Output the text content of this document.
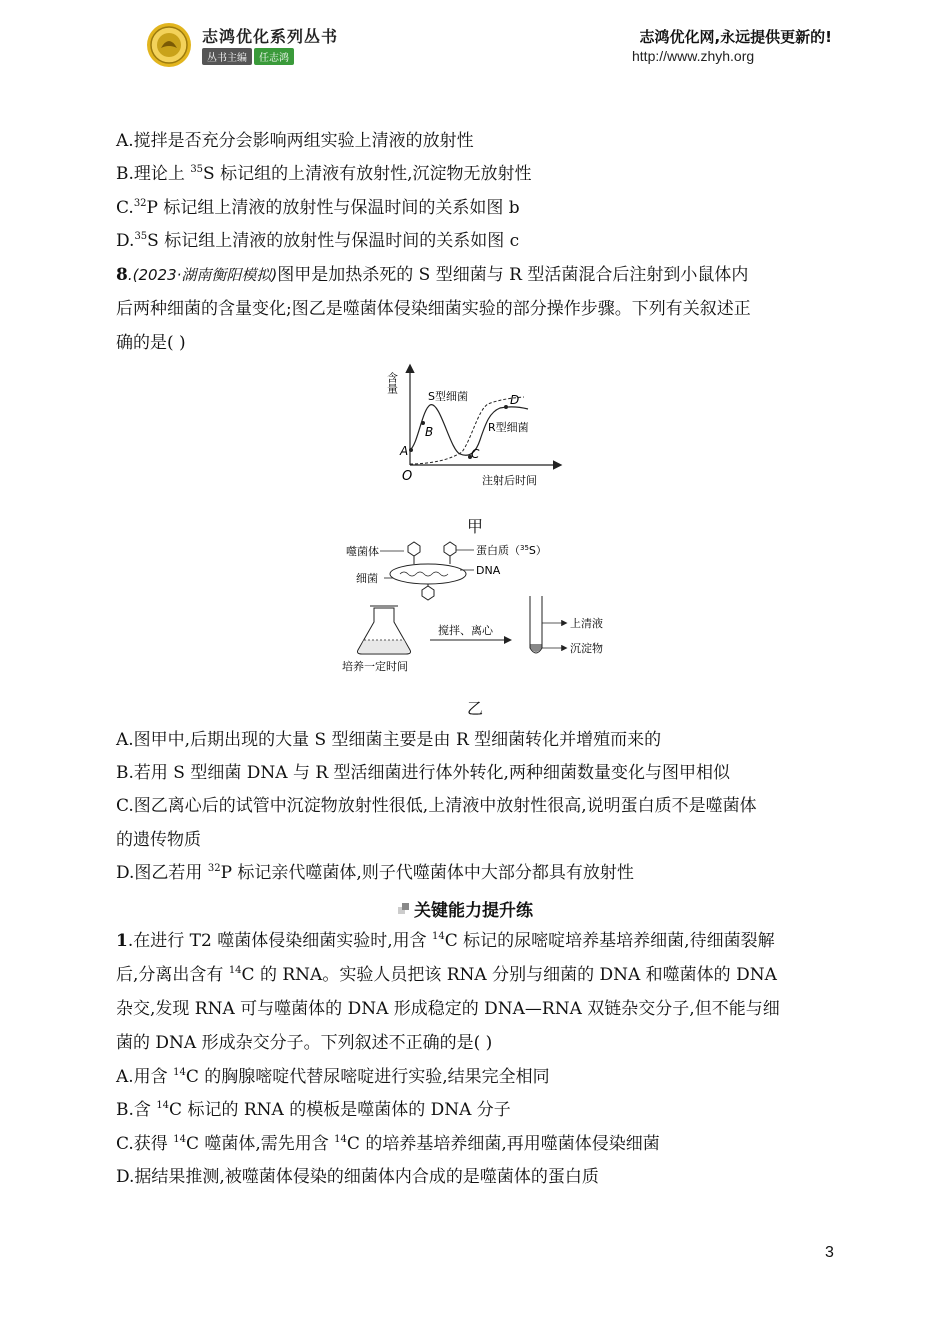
志鸿优化系列丛书
丛书主编	任志鸿
志鸿优化网,永远提供更新的!
http://www.zhyh.org
A.搅拌是否充分会影响两组实验上清液的放射性
B.理论上 $^{35}$S 标记组的上清液有放射性,沉淀物无放射性
C.$^{32}$P 标记组上清液的放射性与保温时间的关系如图 b
D.$^{35}$S 标记组上清液的放射性与保温时间的关系如图 c
8.(2023·湖南衡阳模拟)图甲是加热杀死的 S 型细菌与 R 型活菌混合后注射到小鼠体内
后两种细菌的含量变化;图乙是噬菌体侵染细菌实验的部分操作步骤。下列有关叙述正
确的是( )
含量
O
A
B
C
D
S型细菌
R型细菌
注射后时间
甲
噬菌体
细菌
蛋白质（$^{35}$S）
DNA
培养一定时间
搅拌、离心
上清液
沉淀物
乙
A.图甲中,后期出现的大量 S 型细菌主要是由 R 型细菌转化并增殖而来的
B.若用 S 型细菌 DNA 与 R 型活细菌进行体外转化,两种细菌数量变化与图甲相似
C.图乙离心后的试管中沉淀物放射性很低,上清液中放射性很高,说明蛋白质不是噬菌体
的遗传物质
D.图乙若用 $^{32}$P 标记亲代噬菌体,则子代噬菌体中大部分都具有放射性
关键能力提升练
1.在进行 T2 噬菌体侵染细菌实验时,用含 $^{14}$C 标记的尿嘧啶培养基培养细菌,待细菌裂解
后,分离出含有 $^{14}$C 的 RNA。实验人员把该 RNA 分别与细菌的 DNA 和噬菌体的 DNA
杂交,发现 RNA 可与噬菌体的 DNA 形成稳定的 DNA—RNA 双链杂交分子,但不能与细
菌的 DNA 形成杂交分子。下列叙述不正确的是( )
A.用含 $^{14}$C 的胸腺嘧啶代替尿嘧啶进行实验,结果完全相同
B.含 $^{14}$C 标记的 RNA 的模板是噬菌体的 DNA 分子
C.获得 $^{14}$C 噬菌体,需先用含 $^{14}$C 的培养基培养细菌,再用噬菌体侵染细菌
D.据结果推测,被噬菌体侵染的细菌体内合成的是噬菌体的蛋白质
3
